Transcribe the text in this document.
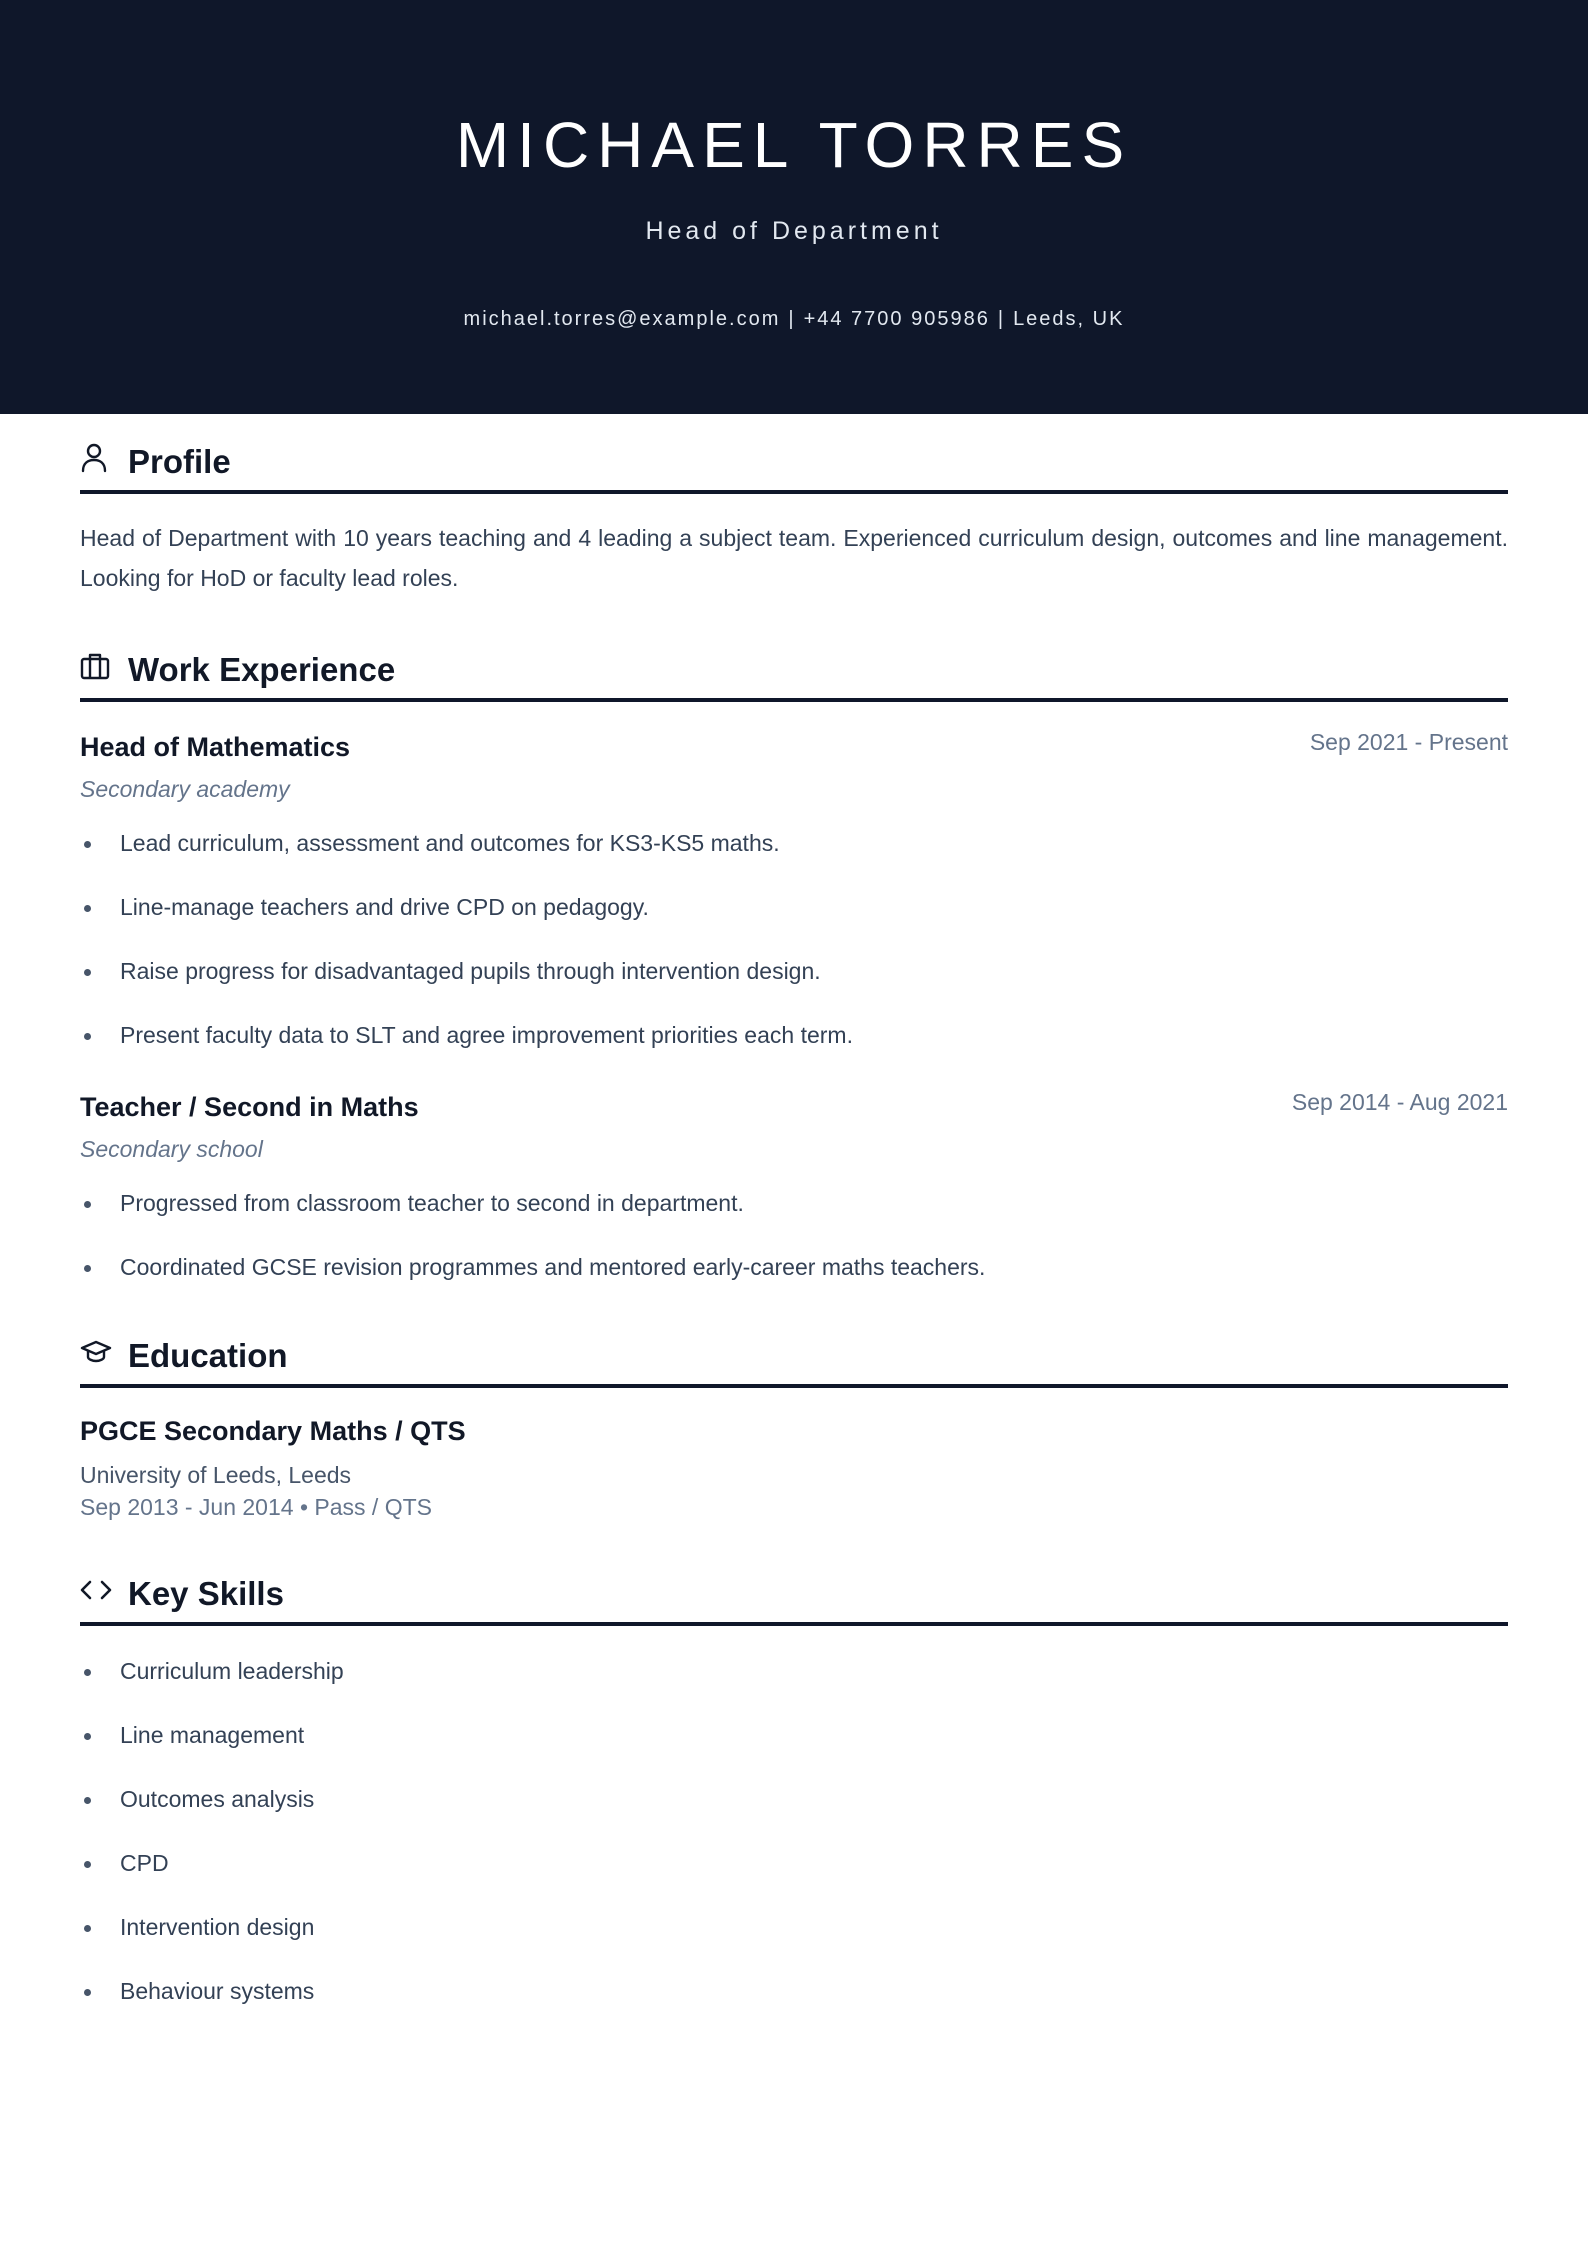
MICHAEL TORRES
Head of Department
michael.torres@example.com | +44 7700 905986 | Leeds, UK
Profile

Head of Department with 10 years teaching and 4 leading a subject team. Experienced curriculum design, outcomes and line management. Looking for HoD or faculty lead roles.

Work Experience
Head of Mathematics	Sep 2021 - Present
Secondary academy
Lead curriculum, assessment and outcomes for KS3-KS5 maths.
Line-manage teachers and drive CPD on pedagogy.
Raise progress for disadvantaged pupils through intervention design.
Present faculty data to SLT and agree improvement priorities each term.
Teacher / Second in Maths	Sep 2014 - Aug 2021
Secondary school
Progressed from classroom teacher to second in department.
Coordinated GCSE revision programmes and mentored early-career maths teachers.
Education
PGCE Secondary Maths / QTS
University of Leeds, Leeds
Sep 2013 - Jun 2014 • Pass / QTS
Key Skills
Curriculum leadership
Line management
Outcomes analysis
CPD
Intervention design
Behaviour systems
